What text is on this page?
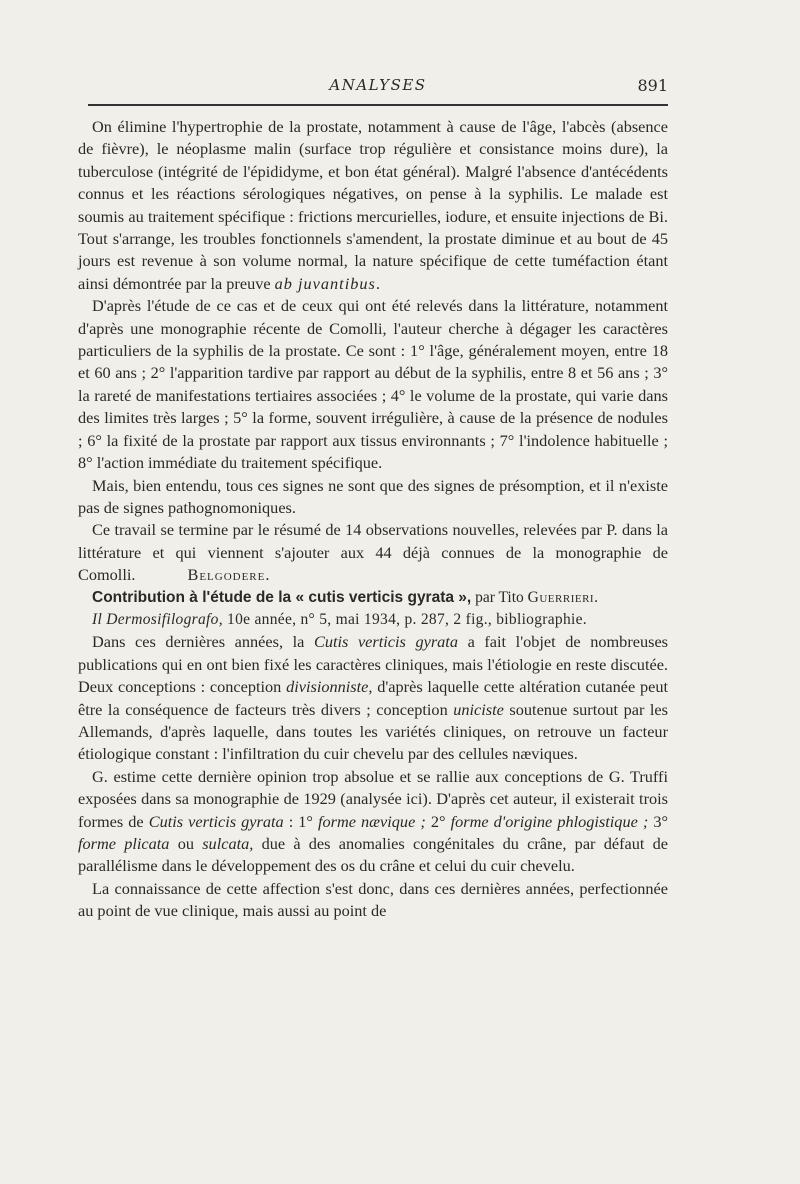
ANALYSES	891

On élimine l'hypertrophie de la prostate, notamment à cause de l'âge, l'abcès (absence de fièvre), le néoplasme malin (surface trop régulière et consistance moins dure), la tuberculose (intégrité de l'épididyme, et bon état général). Malgré l'absence d'antécédents connus et les réactions sérologiques négatives, on pense à la syphilis. Le malade est soumis au traitement spécifique : frictions mercurielles, iodure, et ensuite injections de Bi. Tout s'arrange, les troubles fonctionnels s'amendent, la prostate diminue et au bout de 45 jours est revenue à son volume normal, la nature spécifique de cette tuméfaction étant ainsi démontrée par la preuve ab juvantibus.

D'après l'étude de ce cas et de ceux qui ont été relevés dans la littérature, notamment d'après une monographie récente de Comolli, l'auteur cherche à dégager les caractères particuliers de la syphilis de la prostate. Ce sont : 1° l'âge, généralement moyen, entre 18 et 60 ans ; 2° l'apparition tardive par rapport au début de la syphilis, entre 8 et 56 ans ; 3° la rareté de manifestations tertiaires associées ; 4° le volume de la prostate, qui varie dans des limites très larges ; 5° la forme, souvent irrégulière, à cause de la présence de nodules ; 6° la fixité de la prostate par rapport aux tissus environnants ; 7° l'indolence habituelle ; 8° l'action immédiate du traitement spécifique.

Mais, bien entendu, tous ces signes ne sont que des signes de présomption, et il n'existe pas de signes pathognomoniques.

Ce travail se termine par le résumé de 14 observations nouvelles, relevées par P. dans la littérature et qui viennent s'ajouter aux 44 déjà connues de la monographie de Comolli.	Belgodere.

Contribution à l'étude de la « cutis verticis gyrata », par Tito Guerrieri.

Il Dermosifilografo, 10e année, n° 5, mai 1934, p. 287, 2 fig., bibliographie.

Dans ces dernières années, la Cutis verticis gyrata a fait l'objet de nombreuses publications qui en ont bien fixé les caractères cliniques, mais l'étiologie en reste discutée. Deux conceptions : conception divisionniste, d'après laquelle cette altération cutanée peut être la conséquence de facteurs très divers ; conception uniciste soutenue surtout par les Allemands, d'après laquelle, dans toutes les variétés cliniques, on retrouve un facteur étiologique constant : l'infiltration du cuir chevelu par des cellules næviques.

G. estime cette dernière opinion trop absolue et se rallie aux conceptions de G. Truffi exposées dans sa monographie de 1929 (analysée ici). D'après cet auteur, il existerait trois formes de Cutis verticis gyrata : 1° forme nævique ; 2° forme d'origine phlogistique ; 3° forme plicata ou sulcata, due à des anomalies congénitales du crâne, par défaut de parallélisme dans le développement des os du crâne et celui du cuir chevelu.

La connaissance de cette affection s'est donc, dans ces dernières années, perfectionnée au point de vue clinique, mais aussi au point de
